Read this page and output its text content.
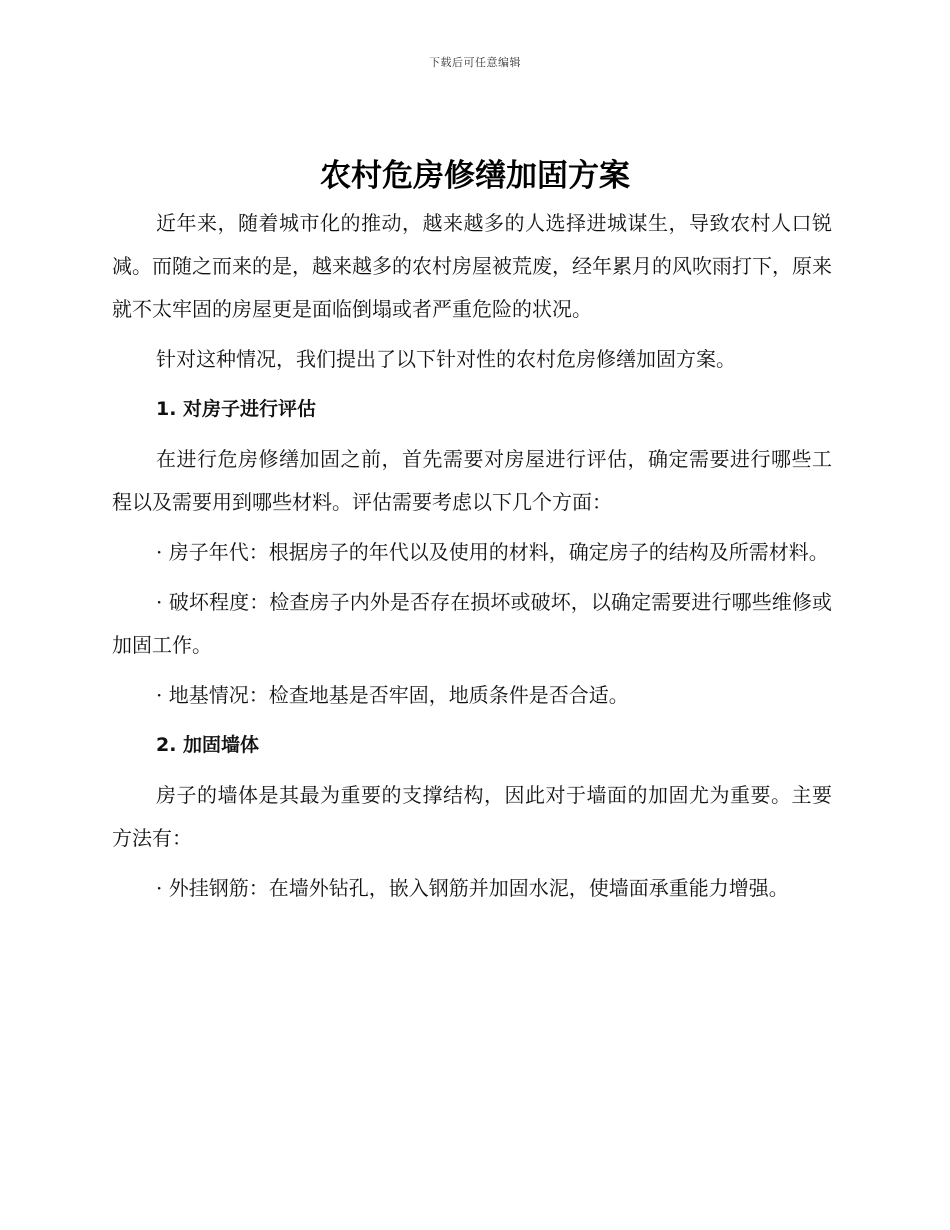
下载后可任意编辑
农村危房修缮加固方案

近年来，随着城市化的推动，越来越多的人选择进城谋生，导致农村人口锐减。而随之而来的是，越来越多的农村房屋被荒废，经年累月的风吹雨打下，原来就不太牢固的房屋更是面临倒塌或者严重危险的状况。

针对这种情况，我们提出了以下针对性的农村危房修缮加固方案。

1. 对房子进行评估

在进行危房修缮加固之前，首先需要对房屋进行评估，确定需要进行哪些工程以及需要用到哪些材料。评估需要考虑以下几个方面：

· 房子年代：根据房子的年代以及使用的材料，确定房子的结构及所需材料。

· 破坏程度：检查房子内外是否存在损坏或破坏，以确定需要进行哪些维修或加固工作。

· 地基情况：检查地基是否牢固，地质条件是否合适。

2. 加固墙体

房子的墙体是其最为重要的支撑结构，因此对于墙面的加固尤为重要。主要方法有：

· 外挂钢筋：在墙外钻孔，嵌入钢筋并加固水泥，使墙面承重能力增强。
